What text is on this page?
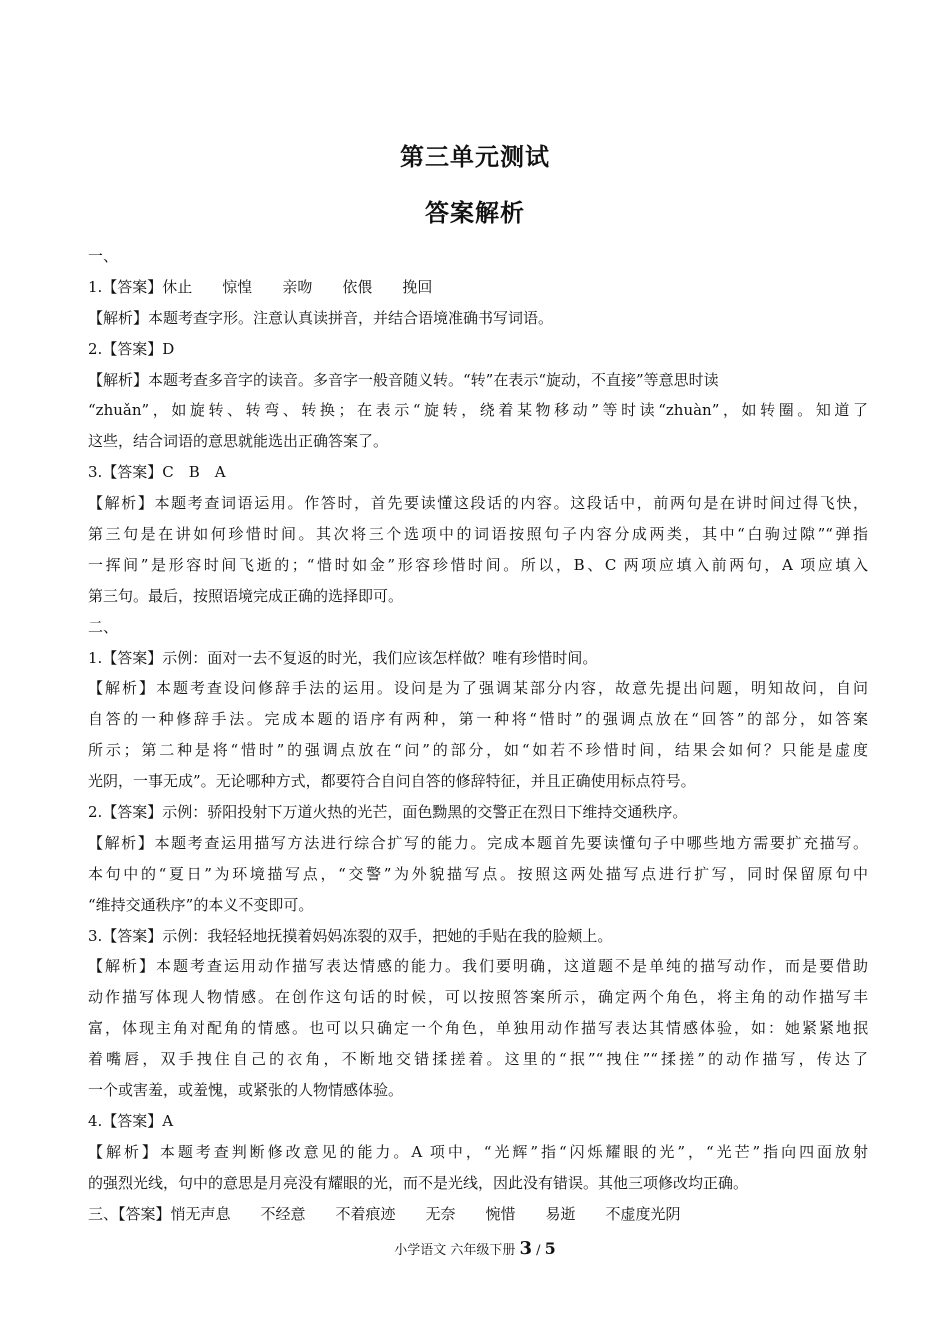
第三单元测试
答案解析
一、
1.【答案】休止　　惊惶　　亲吻　　依偎　　挽回
【解析】本题考查字形。注意认真读拼音，并结合语境准确书写词语。
2.【答案】D
【解析】本题考查多音字的读音。多音字一般音随义转。“转”在表示“旋动，不直接”等意思时读
“zhuǎn”，如旋转、转弯、转换；在表示“旋转，绕着某物移动”等时读“zhuàn”，如转圈。知道了
这些，结合词语的意思就能选出正确答案了。
3.【答案】C　B　A
【解析】本题考查词语运用。作答时，首先要读懂这段话的内容。这段话中，前两句是在讲时间过得飞快，
第三句是在讲如何珍惜时间。其次将三个选项中的词语按照句子内容分成两类，其中“白驹过隙”“弹指
一挥间”是形容时间飞逝的；“惜时如金”形容珍惜时间。所以，B、C 两项应填入前两句，A 项应填入
第三句。最后，按照语境完成正确的选择即可。
二、
1.【答案】示例：面对一去不复返的时光，我们应该怎样做？唯有珍惜时间。
【解析】本题考查设问修辞手法的运用。设问是为了强调某部分内容，故意先提出问题，明知故问，自问
自答的一种修辞手法。完成本题的语序有两种，第一种将“惜时”的强调点放在“回答”的部分，如答案
所示；第二种是将“惜时”的强调点放在“问”的部分，如“如若不珍惜时间，结果会如何？只能是虚度
光阴，一事无成”。无论哪种方式，都要符合自问自答的修辞特征，并且正确使用标点符号。
2.【答案】示例：骄阳投射下万道火热的光芒，面色黝黑的交警正在烈日下维持交通秩序。
【解析】本题考查运用描写方法进行综合扩写的能力。完成本题首先要读懂句子中哪些地方需要扩充描写。
本句中的“夏日”为环境描写点，“交警”为外貌描写点。按照这两处描写点进行扩写，同时保留原句中
“维持交通秩序”的本义不变即可。
3.【答案】示例：我轻轻地抚摸着妈妈冻裂的双手，把她的手贴在我的脸颊上。
【解析】本题考查运用动作描写表达情感的能力。我们要明确，这道题不是单纯的描写动作，而是要借助
动作描写体现人物情感。在创作这句话的时候，可以按照答案所示，确定两个角色，将主角的动作描写丰
富，体现主角对配角的情感。也可以只确定一个角色，单独用动作描写表达其情感体验，如：她紧紧地抿
着嘴唇，双手拽住自己的衣角，不断地交错揉搓着。这里的“抿”“拽住”“揉搓”的动作描写，传达了
一个或害羞，或羞愧，或紧张的人物情感体验。
4.【答案】A
【解析】本题考查判断修改意见的能力。A 项中，“光辉”指“闪烁耀眼的光”，“光芒”指向四面放射
的强烈光线，句中的意思是月亮没有耀眼的光，而不是光线，因此没有错误。其他三项修改均正确。
三、【答案】悄无声息　　不经意　　不着痕迹　　无奈　　惋惜　　易逝　　不虚度光阴
小学语文 六年级下册 3 / 5
